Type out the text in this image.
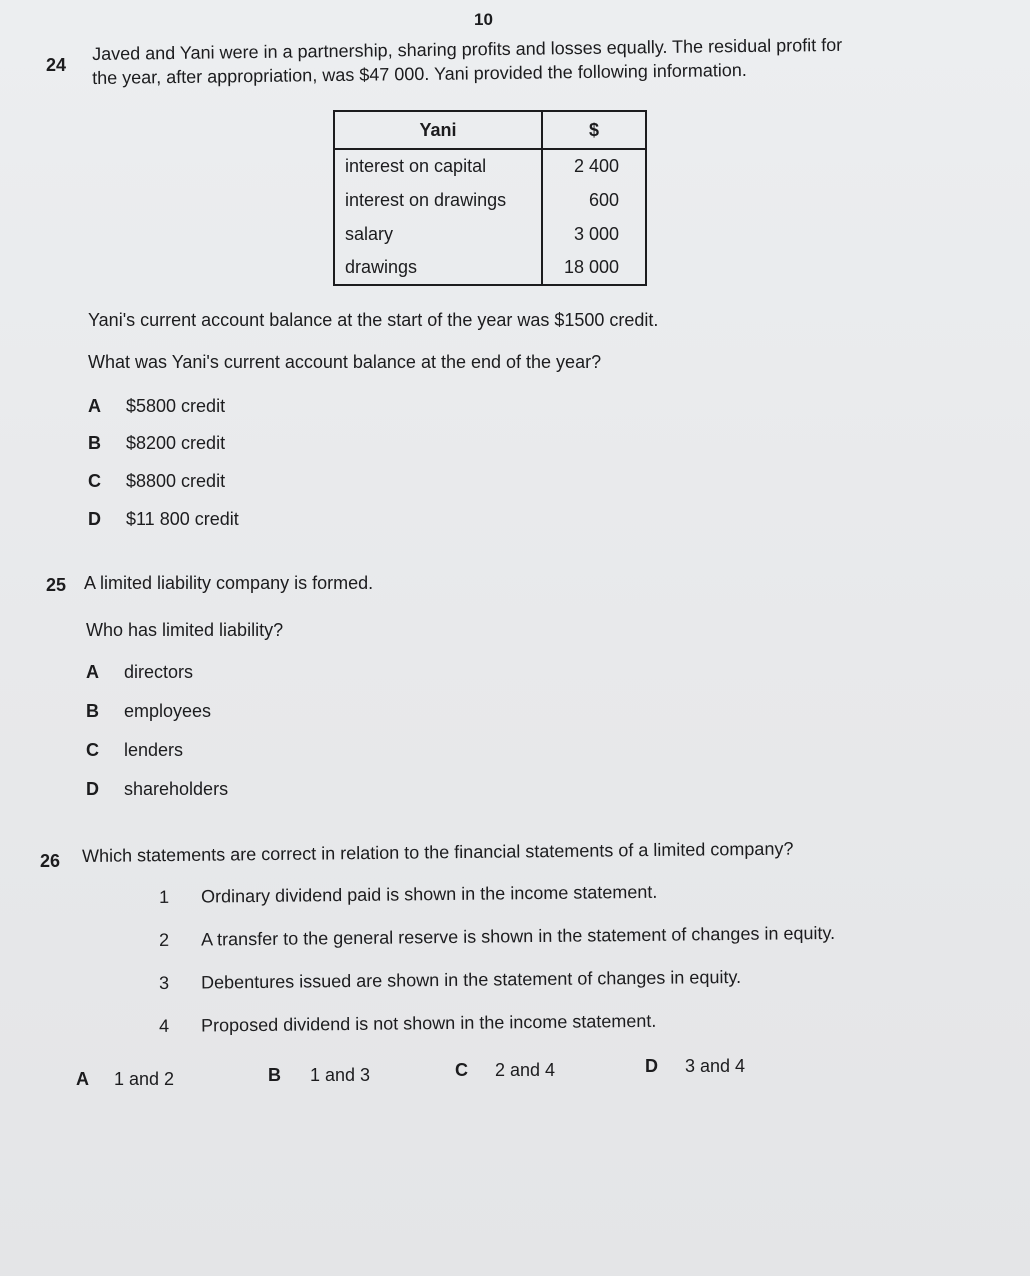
10
24
Javed and Yani were in a partnership, sharing profits and losses equally. The residual profit for
the year, after appropriation, was $47 000. Yani provided the following information.
Yani	$
interest on capital	2 400
interest on drawings	600
salary	3 000
drawings	18 000
Yani's current account balance at the start of the year was $1500 credit.
What was Yani's current account balance at the end of the year?
A $5800 credit
B $8200 credit
C $8800 credit
D $11 800 credit
25 A limited liability company is formed.
Who has limited liability?
A directors
B employees
C lenders
D shareholders
26 Which statements are correct in relation to the financial statements of a limited company?
1 Ordinary dividend paid is shown in the income statement.
2 A transfer to the general reserve is shown in the statement of changes in equity.
3 Debentures issued are shown in the statement of changes in equity.
4 Proposed dividend is not shown in the income statement.
A 1 and 2	B 1 and 3	C 2 and 4	D 3 and 4
